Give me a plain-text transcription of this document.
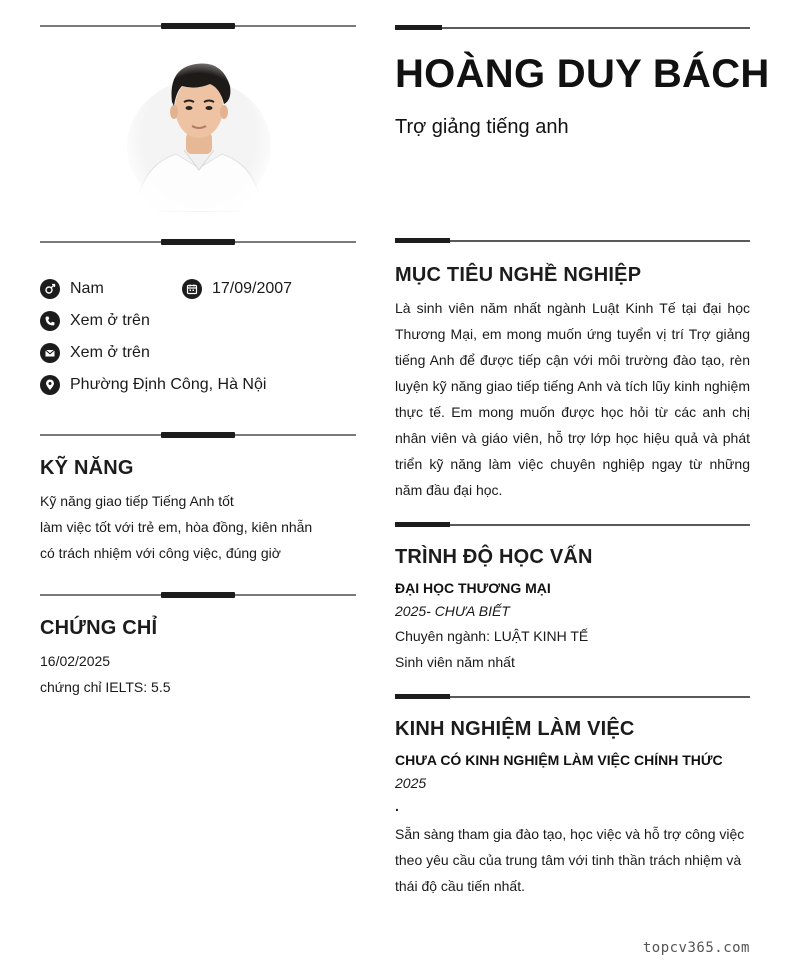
Nam	17/09/2007
Xem ở trên
Xem ở trên
Phường Định Công, Hà Nội
KỸ NĂNG
Kỹ năng giao tiếp Tiếng Anh tốt
làm việc tốt với trẻ em, hòa đồng, kiên nhẫn
có trách nhiệm với công việc, đúng giờ
CHỨNG CHỈ
16/02/2025
chứng chỉ IELTS: 5.5
HOÀNG DUY BÁCH
Trợ giảng tiếng anh
MỤC TIÊU NGHỀ NGHIỆP
Là sinh viên năm nhất ngành Luật Kinh Tế tại đại học Thương Mại, em mong muốn ứng tuyển vị trí Trợ giảng tiếng Anh để được tiếp cận với môi trường đào tạo, rèn luyện kỹ năng giao tiếp tiếng Anh và tích lũy kinh nghiệm thực tế. Em mong muốn được học hỏi từ các anh chị nhân viên và giáo viên, hỗ trợ lớp học hiệu quả và phát triển kỹ năng làm việc chuyên nghiệp ngay từ những năm đầu đại học.
TRÌNH ĐỘ HỌC VẤN
ĐẠI HỌC THƯƠNG MẠI
2025- CHƯA BIẾT
Chuyên ngành: LUẬT KINH TẾ
Sinh viên năm nhất
KINH NGHIỆM LÀM VIỆC
CHƯA CÓ KINH NGHIỆM LÀM VIỆC CHÍNH THỨC
2025
.
Sẵn sàng tham gia đào tạo, học việc và hỗ trợ công việc theo yêu cầu của trung tâm với tinh thần trách nhiệm và thái độ cầu tiến nhất.
topcv365.com
